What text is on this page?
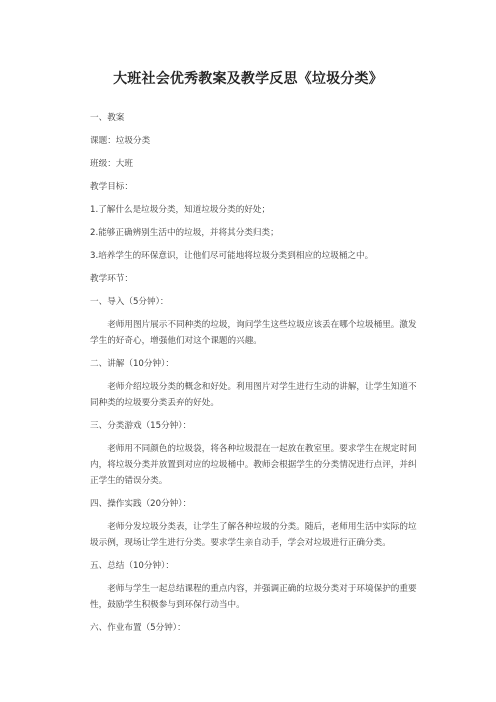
大班社会优秀教案及教学反思《垃圾分类》

一、教案

课题：垃圾分类

班级：大班

教学目标：

1.了解什么是垃圾分类，知道垃圾分类的好处；

2.能够正确辨别生活中的垃圾，并将其分类归类；

3.培养学生的环保意识，让他们尽可能地将垃圾分类到相应的垃圾桶之中。

教学环节：

一、导入（5分钟）：

老师用图片展示不同种类的垃圾，询问学生这些垃圾应该丢在哪个垃圾桶里。激发学生的好奇心，增强他们对这个课题的兴趣。

二、讲解（10分钟）：

老师介绍垃圾分类的概念和好处。利用图片对学生进行生动的讲解，让学生知道不同种类的垃圾要分类丢弃的好处。

三、分类游戏（15分钟）：

老师用不同颜色的垃圾袋，将各种垃圾混在一起放在教室里。要求学生在规定时间内，将垃圾分类并放置到对应的垃圾桶中。教师会根据学生的分类情况进行点评，并纠正学生的错误分类。

四、操作实践（20分钟）：

老师分发垃圾分类表，让学生了解各种垃圾的分类。随后，老师用生活中实际的垃圾示例，现场让学生进行分类。要求学生亲自动手，学会对垃圾进行正确分类。

五、总结（10分钟）：

老师与学生一起总结课程的重点内容，并强调正确的垃圾分类对于环境保护的重要性，鼓励学生积极参与到环保行动当中。

六、作业布置（5分钟）：
